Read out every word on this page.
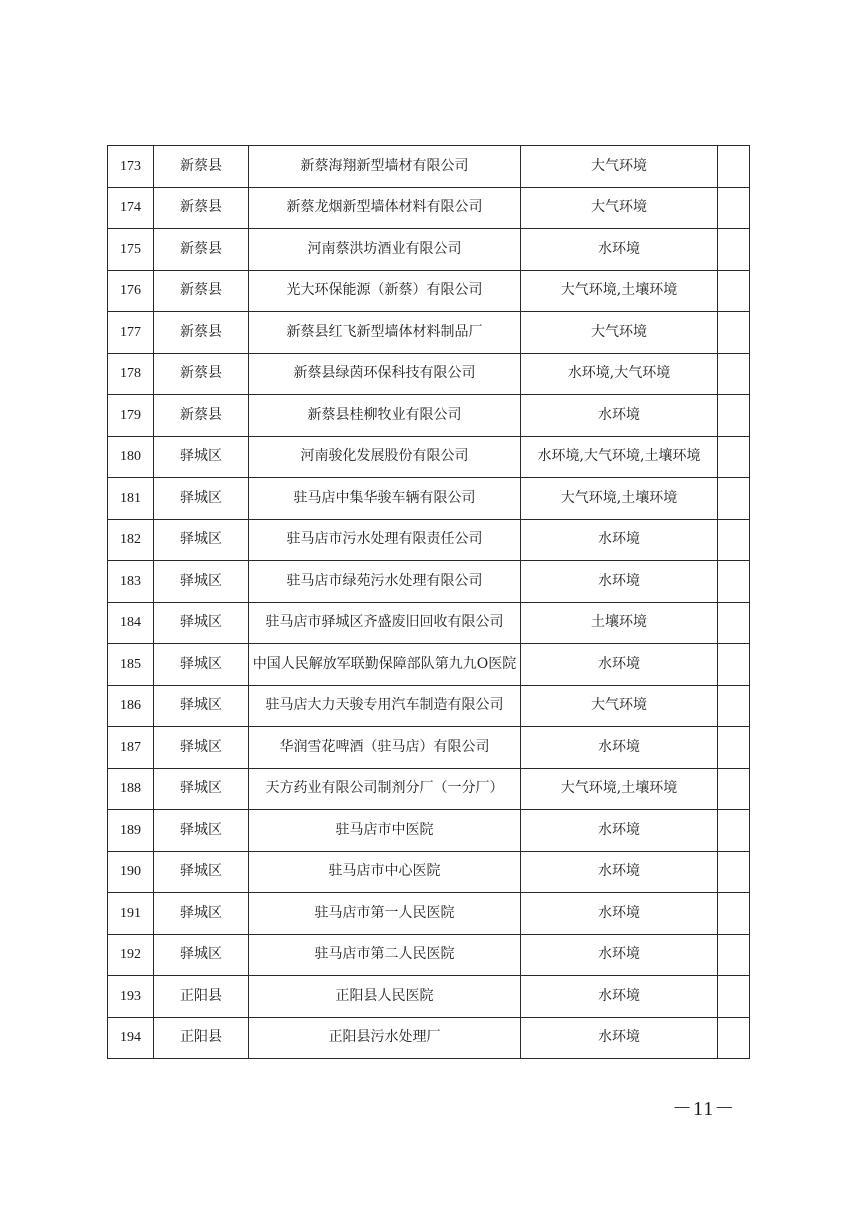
173	新蔡县	新蔡海翔新型墙材有限公司	大气环境	
174	新蔡县	新蔡龙烟新型墙体材料有限公司	大气环境	
175	新蔡县	河南蔡洪坊酒业有限公司	水环境	
176	新蔡县	光大环保能源（新蔡）有限公司	大气环境,土壤环境	
177	新蔡县	新蔡县红飞新型墙体材料制品厂	大气环境	
178	新蔡县	新蔡县绿茵环保科技有限公司	水环境,大气环境	
179	新蔡县	新蔡县桂柳牧业有限公司	水环境	
180	驿城区	河南骏化发展股份有限公司	水环境,大气环境,土壤环境	
181	驿城区	驻马店中集华骏车辆有限公司	大气环境,土壤环境	
182	驿城区	驻马店市污水处理有限责任公司	水环境	
183	驿城区	驻马店市绿苑污水处理有限公司	水环境	
184	驿城区	驻马店市驿城区齐盛废旧回收有限公司	土壤环境	
185	驿城区	中国人民解放军联勤保障部队第九九O医院	水环境	
186	驿城区	驻马店大力天骏专用汽车制造有限公司	大气环境	
187	驿城区	华润雪花啤酒（驻马店）有限公司	水环境	
188	驿城区	天方药业有限公司制剂分厂（一分厂）	大气环境,土壤环境	
189	驿城区	驻马店市中医院	水环境	
190	驿城区	驻马店市中心医院	水环境	
191	驿城区	驻马店市第一人民医院	水环境	
192	驿城区	驻马店市第二人民医院	水环境	
193	正阳县	正阳县人民医院	水环境	
194	正阳县	正阳县污水处理厂	水环境	
－11－
